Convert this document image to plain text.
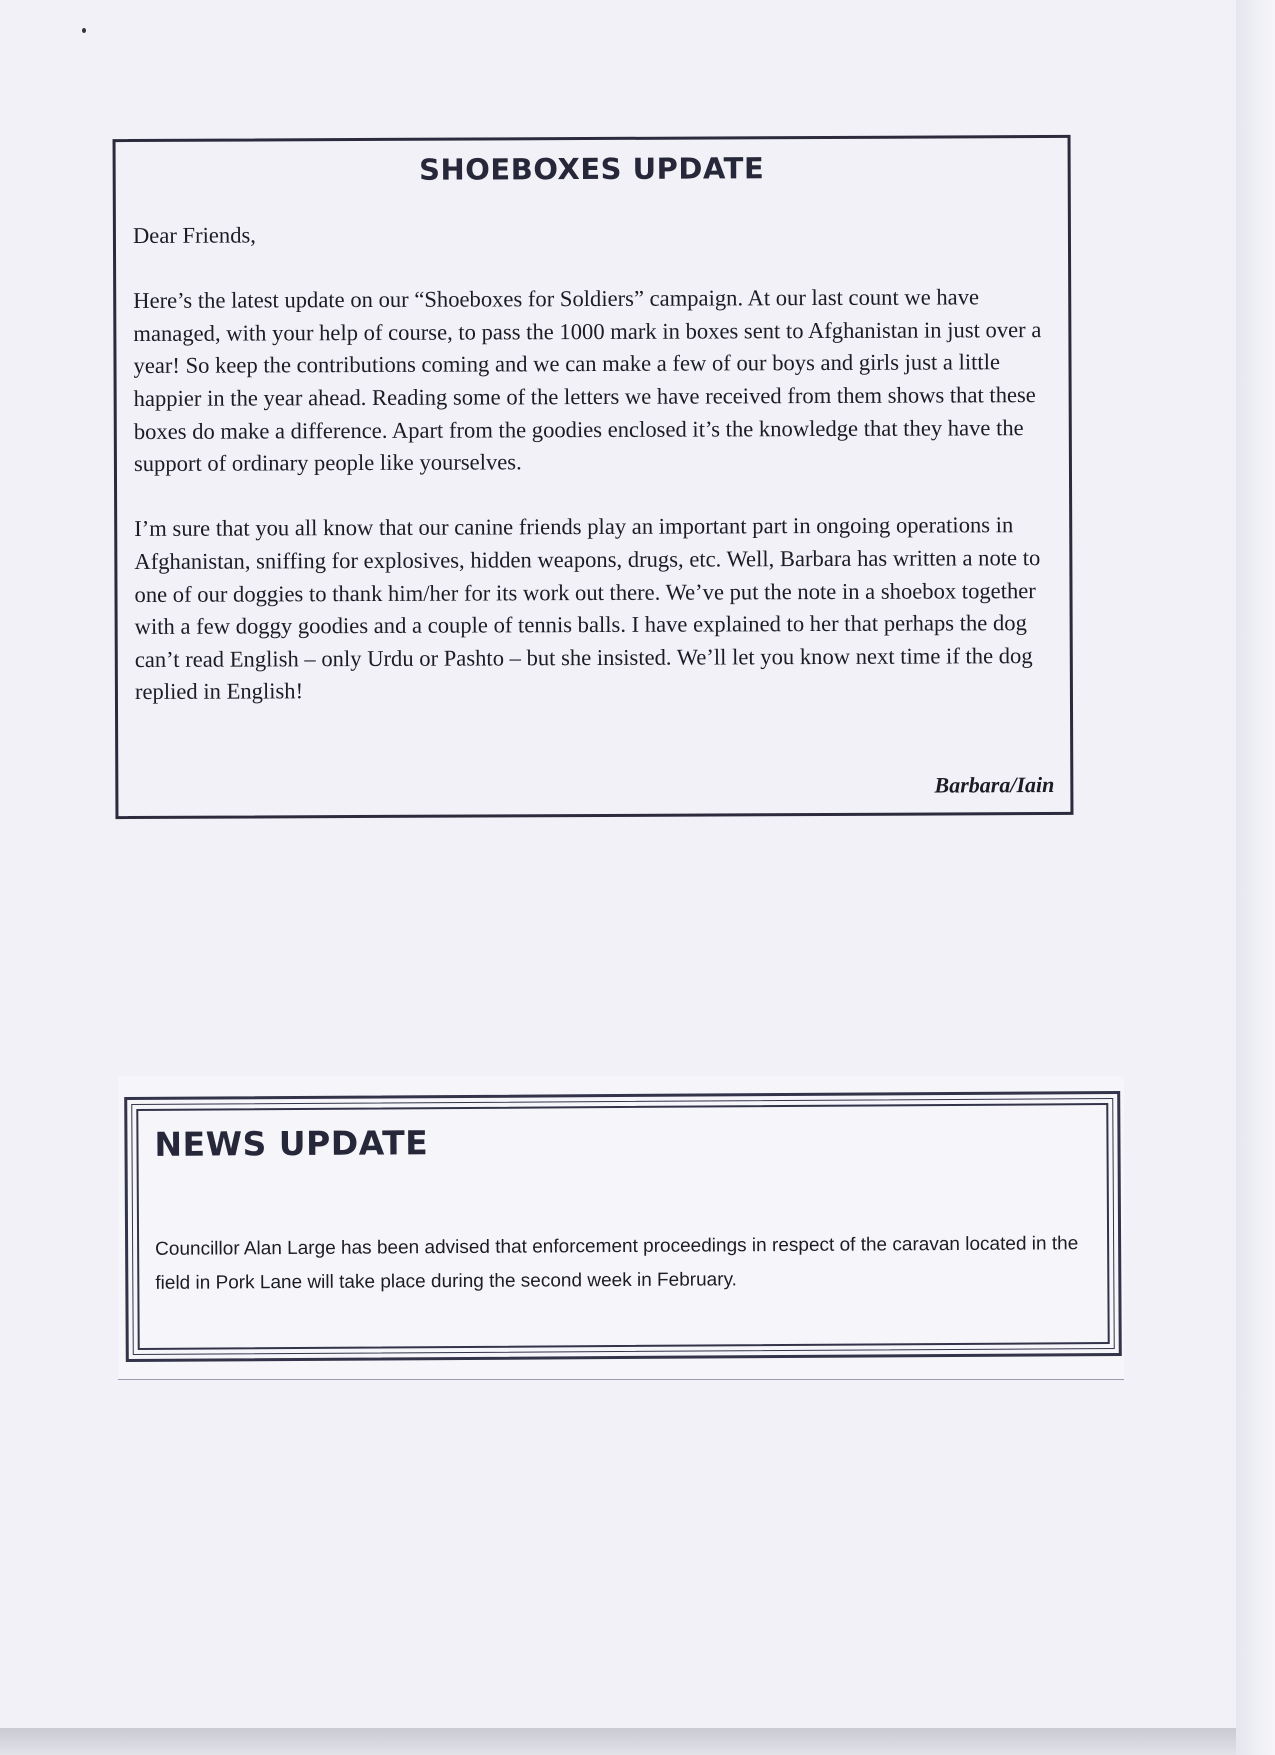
SHOEBOXES UPDATE

Dear Friends,

Here’s the latest update on our “Shoeboxes for Soldiers” campaign. At our last count we have managed, with your help of course, to pass the 1000 mark in boxes sent to Afghanistan in just over a year! So keep the contributions coming and we can make a few of our boys and girls just a little happier in the year ahead. Reading some of the letters we have received from them shows that these boxes do make a difference. Apart from the goodies enclosed it’s the knowledge that they have the support of ordinary people like yourselves.

I’m sure that you all know that our canine friends play an important part in ongoing operations in Afghanistan, sniffing for explosives, hidden weapons, drugs, etc. Well, Barbara has written a note to one of our doggies to thank him/her for its work out there. We’ve put the note in a shoebox together with a few doggy goodies and a couple of tennis balls. I have explained to her that perhaps the dog can’t read English – only Urdu or Pashto – but she insisted. We’ll let you know next time if the dog replied in English!

Barbara/Iain
NEWS UPDATE
Councillor Alan Large has been advised that enforcement proceedings in respect of the caravan located in the field in Pork Lane will take place during the second week in February.
